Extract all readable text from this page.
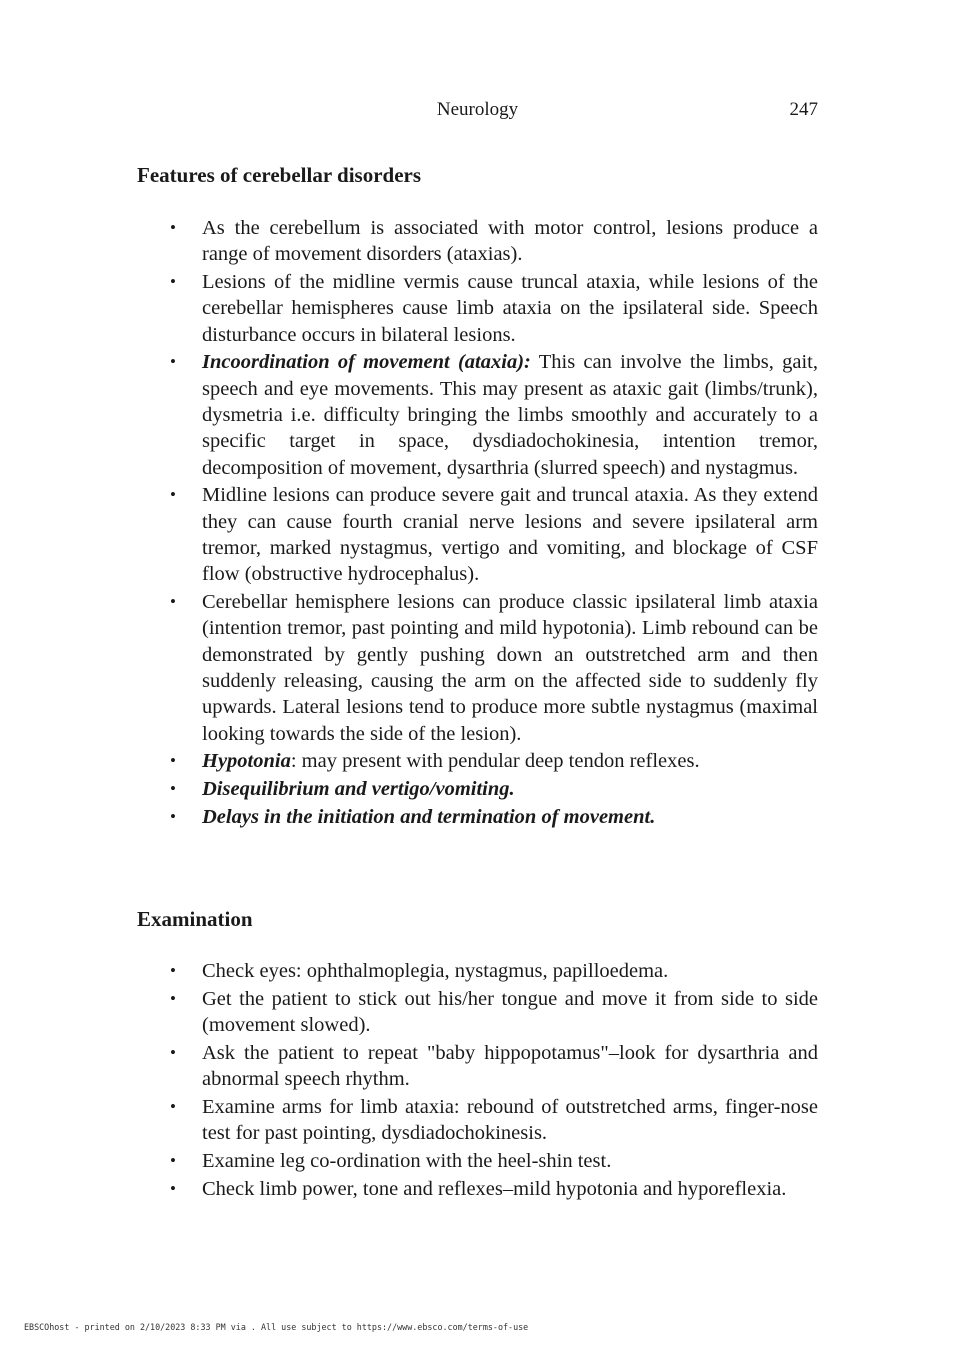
Neurology	247
Features of cerebellar disorders
• As the cerebellum is associated with motor control, lesions produce a range of movement disorders (ataxias).
• Lesions of the midline vermis cause truncal ataxia, while lesions of the cerebellar hemispheres cause limb ataxia on the ipsilateral side. Speech disturbance occurs in bilateral lesions.
• Incoordination of movement (ataxia): This can involve the limbs, gait, speech and eye movements. This may present as ataxic gait (limbs/trunk), dysmetria i.e. difficulty bringing the limbs smoothly and accurately to a specific target in space, dysdiadochokinesia, intention tremor, decomposition of movement, dysarthria (slurred speech) and nystagmus.
• Midline lesions can produce severe gait and truncal ataxia. As they extend they can cause fourth cranial nerve lesions and severe ipsilateral arm tremor, marked nystagmus, vertigo and vomiting, and blockage of CSF flow (obstructive hydrocephalus).
• Cerebellar hemisphere lesions can produce classic ipsilateral limb ataxia (intention tremor, past pointing and mild hypotonia). Limb rebound can be demonstrated by gently pushing down an outstretched arm and then suddenly releasing, causing the arm on the affected side to suddenly fly upwards. Lateral lesions tend to produce more subtle nystagmus (maximal looking towards the side of the lesion).
• Hypotonia: may present with pendular deep tendon reflexes.
• Disequilibrium and vertigo/vomiting.
• Delays in the initiation and termination of movement.
Examination
• Check eyes: ophthalmoplegia, nystagmus, papilloedema.
• Get the patient to stick out his/her tongue and move it from side to side (movement slowed).
• Ask the patient to repeat "baby hippopotamus"–look for dysarthria and abnormal speech rhythm.
• Examine arms for limb ataxia: rebound of outstretched arms, finger-nose test for past pointing, dysdiadochokinesis.
• Examine leg co-ordination with the heel-shin test.
• Check limb power, tone and reflexes–mild hypotonia and hyporeflexia.
EBSCOhost - printed on 2/10/2023 8:33 PM via . All use subject to https://www.ebsco.com/terms-of-use
